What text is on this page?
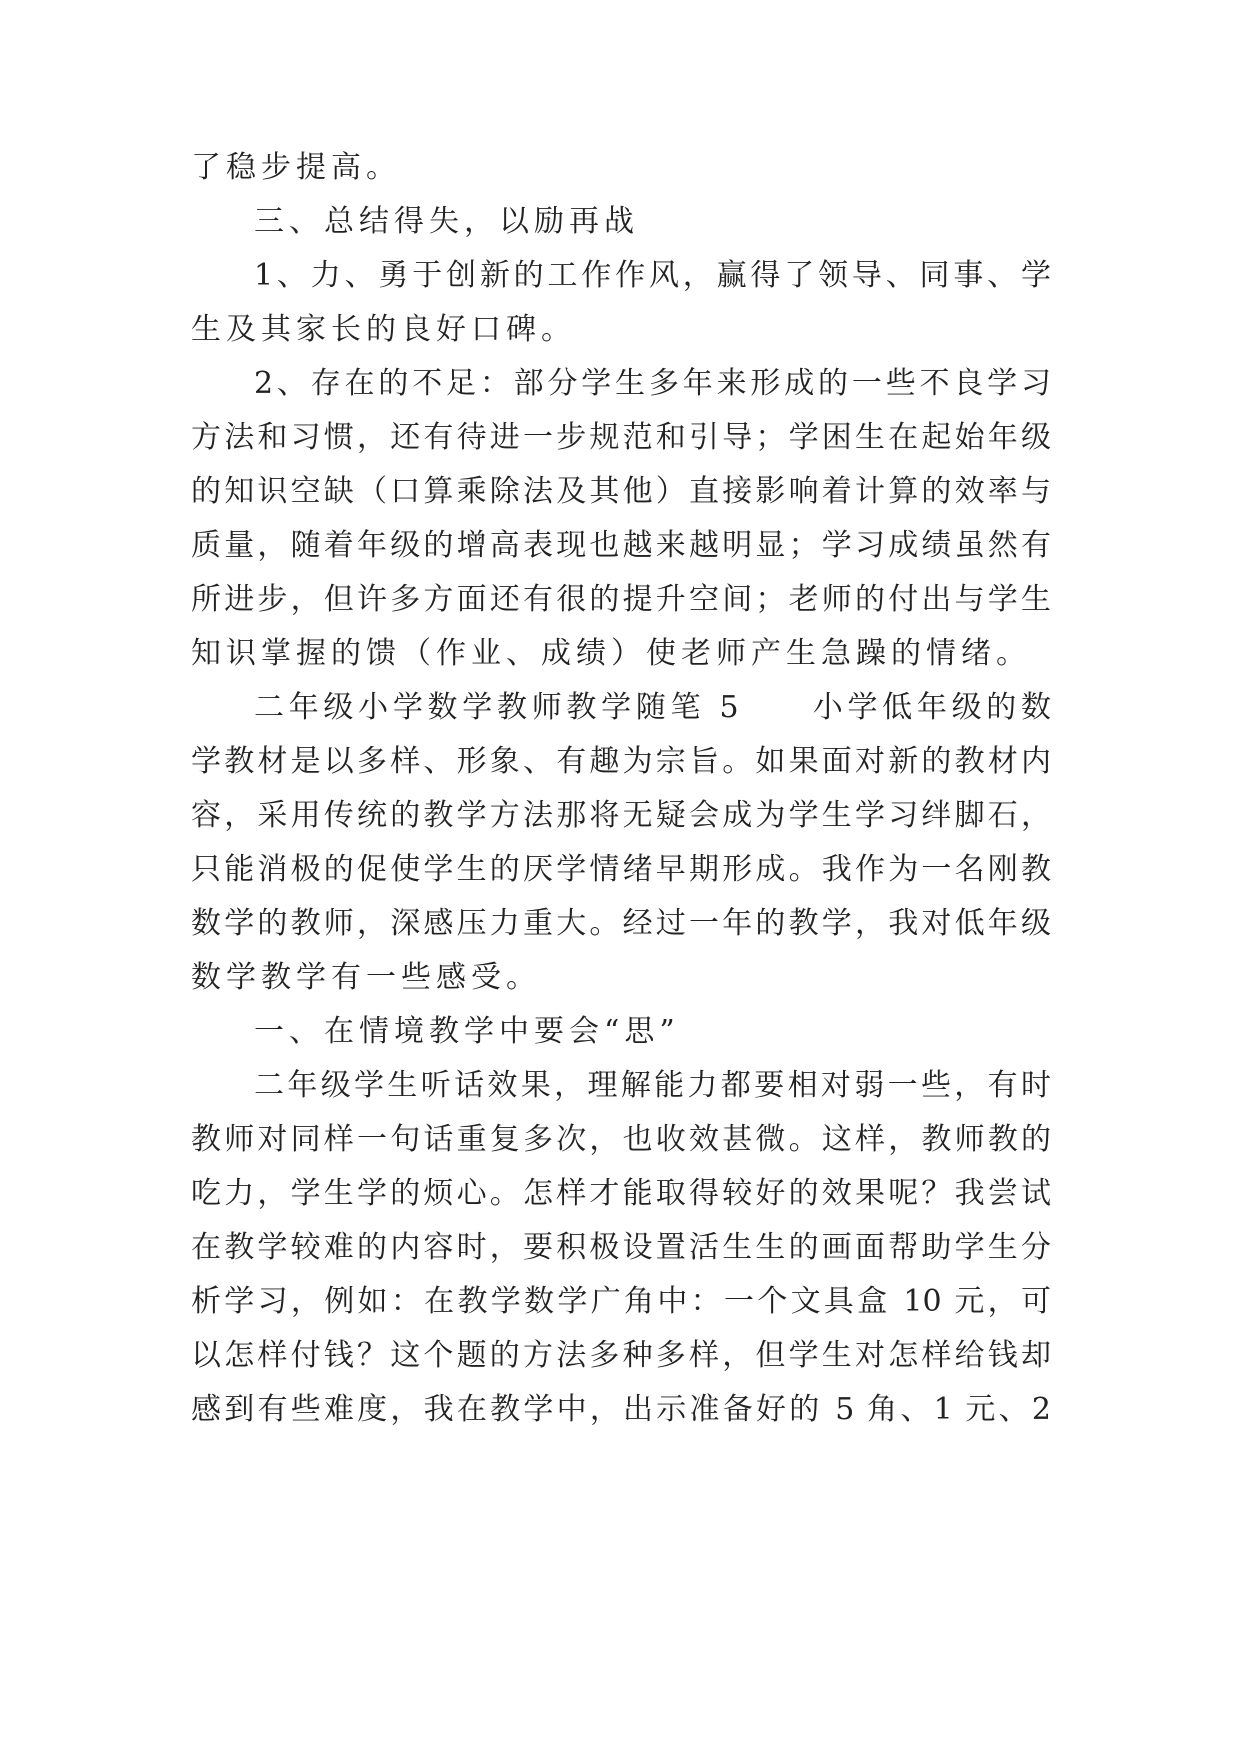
了稳步提高。
三、总结得失，以励再战
1、力、勇于创新的工作作风，赢得了领导、同事、学
生及其家长的良好口碑。
2、存在的不足：部分学生多年来形成的一些不良学习
方法和习惯，还有待进一步规范和引导；学困生在起始年级
的知识空缺（口算乘除法及其他）直接影响着计算的效率与
质量，随着年级的增高表现也越来越明显；学习成绩虽然有
所进步，但许多方面还有很的提升空间；老师的付出与学生
知识掌握的馈（作业、成绩）使老师产生急躁的情绪。
二年级小学数学教师教学随笔 5　　小学低年级的数
学教材是以多样、形象、有趣为宗旨。如果面对新的教材内
容，采用传统的教学方法那将无疑会成为学生学习绊脚石，
只能消极的促使学生的厌学情绪早期形成。我作为一名刚教
数学的教师，深感压力重大。经过一年的教学，我对低年级
数学教学有一些感受。
一、在情境教学中要会“思”
二年级学生听话效果，理解能力都要相对弱一些，有时
教师对同样一句话重复多次，也收效甚微。这样，教师教的
吃力，学生学的烦心。怎样才能取得较好的效果呢？我尝试
在教学较难的内容时，要积极设置活生生的画面帮助学生分
析学习，例如：在教学数学广角中：一个文具盒 10 元，可
以怎样付钱？这个题的方法多种多样，但学生对怎样给钱却
感到有些难度，我在教学中，出示准备好的 5 角、1 元、2
